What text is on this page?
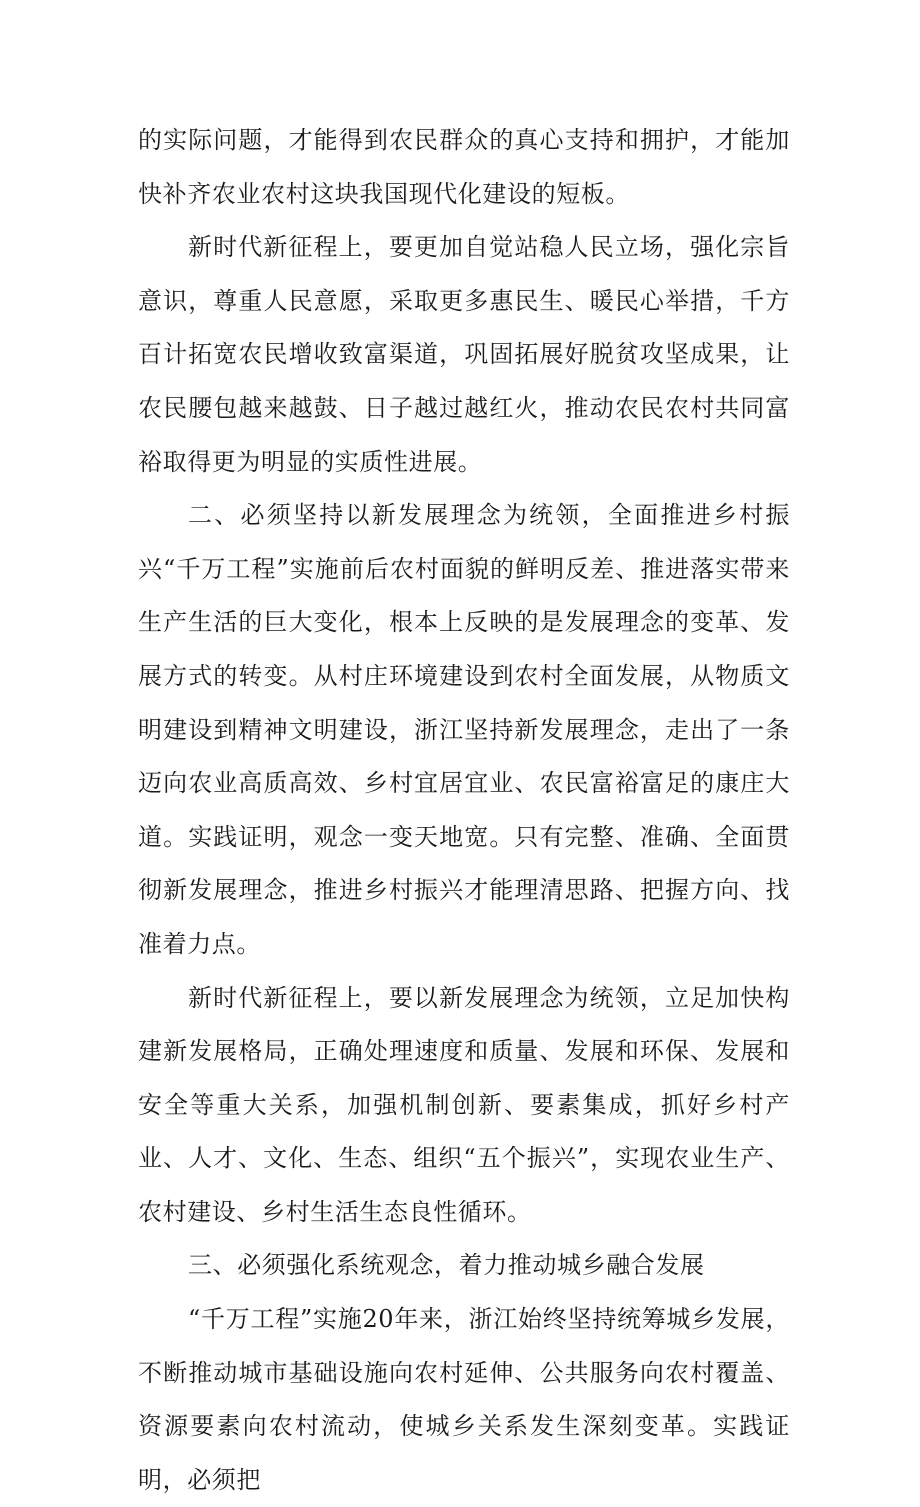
的实际问题，才能得到农民群众的真心支持和拥护，才能加快补齐农业农村这块我国现代化建设的短板。

新时代新征程上，要更加自觉站稳人民立场，强化宗旨意识，尊重人民意愿，采取更多惠民生、暖民心举措，千方百计拓宽农民增收致富渠道，巩固拓展好脱贫攻坚成果，让农民腰包越来越鼓、日子越过越红火，推动农民农村共同富裕取得更为明显的实质性进展。

二、必须坚持以新发展理念为统领，全面推进乡村振兴“千万工程”实施前后农村面貌的鲜明反差、推进落实带来生产生活的巨大变化，根本上反映的是发展理念的变革、发展方式的转变。从村庄环境建设到农村全面发展，从物质文明建设到精神文明建设，浙江坚持新发展理念，走出了一条迈向农业高质高效、乡村宜居宜业、农民富裕富足的康庄大道。实践证明，观念一变天地宽。只有完整、准确、全面贯彻新发展理念，推进乡村振兴才能理清思路、把握方向、找准着力点。

新时代新征程上，要以新发展理念为统领，立足加快构建新发展格局，正确处理速度和质量、发展和环保、发展和安全等重大关系，加强机制创新、要素集成，抓好乡村产业、人才、文化、生态、组织“五个振兴”，实现农业生产、农村建设、乡村生活生态良性循环。

三、必须强化系统观念，着力推动城乡融合发展

“千万工程”实施20年来，浙江始终坚持统筹城乡发展，不断推动城市基础设施向农村延伸、公共服务向农村覆盖、资源要素向农村流动，使城乡关系发生深刻变革。实践证明，必须把
